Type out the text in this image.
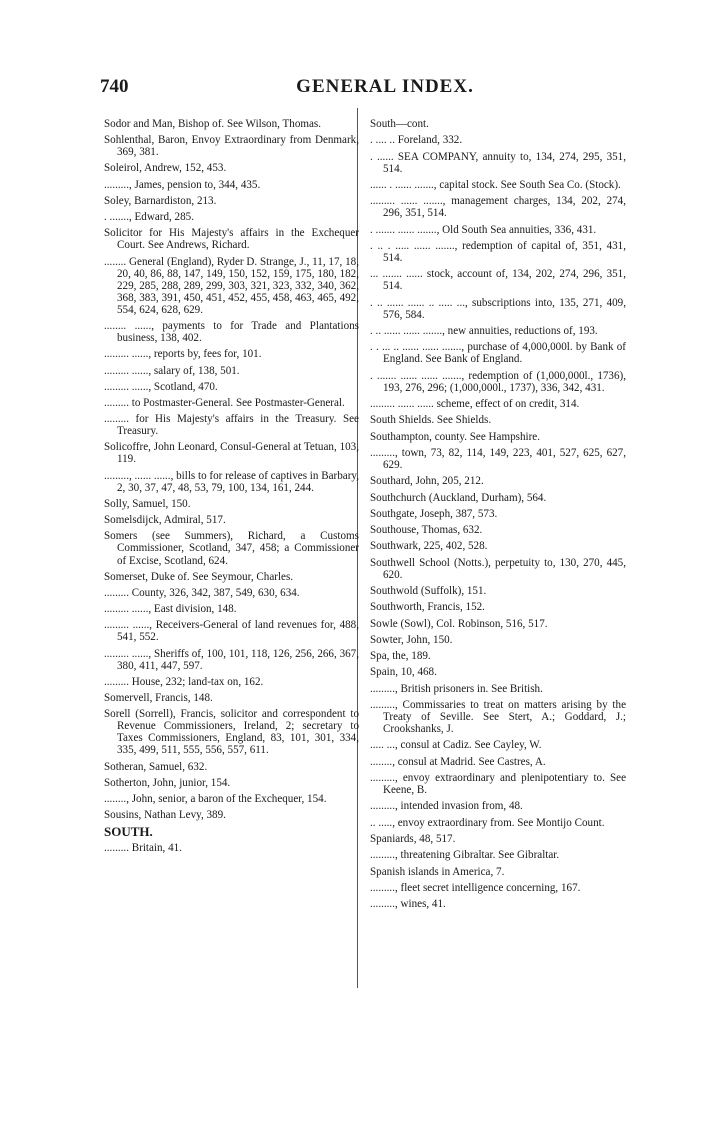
740	GENERAL INDEX.
Sodor and Man, Bishop of. See Wilson, Thomas.
Sohlenthal, Baron, Envoy Extraordinary from Denmark, 369, 381.
Soleirol, Andrew, 152, 453.
........., James, pension to, 344, 435.
Soley, Barnardiston, 213.
. ......., Edward, 285.
Solicitor for His Majesty's affairs in the Exchequer Court. See Andrews, Richard.
........ General (England), Ryder D. Strange, J., 11, 17, 18, 20, 40, 86, 88, 147, 149, 150, 152, 159, 175, 180, 182, 229, 285, 288, 289, 299, 303, 321, 323, 332, 340, 362, 368, 383, 391, 450, 451, 452, 455, 458, 463, 465, 492, 554, 624, 628, 629.
........ ......, payments to for Trade and Plantations business, 138, 402.
......... ......, reports by, fees for, 101.
......... ......, salary of, 138, 501.
......... ......, Scotland, 470.
......... to Postmaster-General. See Postmaster-General.
......... for His Majesty's affairs in the Treasury. See Treasury.
Solicoffre, John Leonard, Consul-General at Tetuan, 103, 119.
........., ...... ......, bills to for release of captives in Barbary, 2, 30, 37, 47, 48, 53, 79, 100, 134, 161, 244.
Solly, Samuel, 150.
Somelsdijck, Admiral, 517.
Somers (see Summers), Richard, a Customs Commissioner, Scotland, 347, 458; a Commissioner of Excise, Scotland, 624.
Somerset, Duke of. See Seymour, Charles.
......... County, 326, 342, 387, 549, 630, 634.
......... ......, East division, 148.
......... ......, Receivers-General of land revenues for, 488, 541, 552.
......... ......, Sheriffs of, 100, 101, 118, 126, 256, 266, 367, 380, 411, 447, 597.
......... House, 232; land-tax on, 162.
Somervell, Francis, 148.
Sorell (Sorrell), Francis, solicitor and correspondent to Revenue Commissioners, Ireland, 2; secretary to Taxes Commissioners, England, 83, 101, 301, 334, 335, 499, 511, 555, 556, 557, 611.
Sotheran, Samuel, 632.
Sotherton, John, junior, 154.
........, John, senior, a baron of the Exchequer, 154.
Sousins, Nathan Levy, 389.
SOUTH.
......... Britain, 41.
South—cont.
. .... .. Foreland, 332.
. ...... SEA COMPANY, annuity to, 134, 274, 295, 351, 514.
...... . ...... ......., capital stock. See South Sea Co. (Stock).
......... ...... ......., management charges, 134, 202, 274, 296, 351, 514.
. ....... ...... ......., Old South Sea annuities, 336, 431.
. .. . ..... ...... ......., redemption of capital of, 351, 431, 514.
... ....... ...... stock, account of, 134, 202, 274, 296, 351, 514.
. .. ...... ...... .. ..... ..., subscriptions into, 135, 271, 409, 576, 584.
. .. ...... ...... ......., new annuities, reductions of, 193.
. . ... .. ...... ...... ......., purchase of 4,000,000l. by Bank of England. See Bank of England.
. ....... ...... ...... ......., redemption of (1,000,000l., 1736), 193, 276, 296; (1,000,000l., 1737), 336, 342, 431.
......... ...... ...... scheme, effect of on credit, 314.
South Shields. See Shields.
Southampton, county. See Hampshire.
........., town, 73, 82, 114, 149, 223, 401, 527, 625, 627, 629.
Southard, John, 205, 212.
Southchurch (Auckland, Durham), 564.
Southgate, Joseph, 387, 573.
Southouse, Thomas, 632.
Southwark, 225, 402, 528.
Southwell School (Notts.), perpetuity to, 130, 270, 445, 620.
Southwold (Suffolk), 151.
Southworth, Francis, 152.
Sowle (Sowl), Col. Robinson, 516, 517.
Sowter, John, 150.
Spa, the, 189.
Spain, 10, 468.
........., British prisoners in. See British.
........., Commissaries to treat on matters arising by the Treaty of Seville. See Stert, A.; Goddard, J.; Crookshanks, J.
..... ..., consul at Cadiz. See Cayley, W.
........, consul at Madrid. See Castres, A.
........., envoy extraordinary and plenipotentiary to. See Keene, B.
........., intended invasion from, 48.
.. ....., envoy extraordinary from. See Montijo Count.
Spaniards, 48, 517.
........., threatening Gibraltar. See Gibraltar.
Spanish islands in America, 7.
........., fleet secret intelligence concerning, 167.
........., wines, 41.
